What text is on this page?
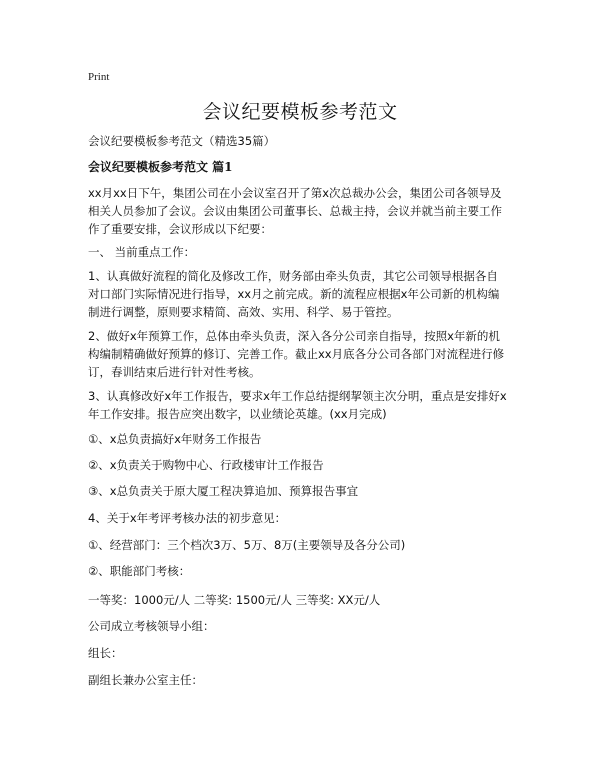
Print
会议纪要模板参考范文
会议纪要模板参考范文（精选35篇）
会议纪要模板参考范文 篇1
xx月xx日下午，集团公司在小会议室召开了第x次总裁办公会，集团公司各领导及
相关人员参加了会议。会议由集团公司董事长、总裁主持，会议并就当前主要工作
作了重要安排，会议形成以下纪要：
一、 当前重点工作：
1、认真做好流程的简化及修改工作，财务部由牵头负责，其它公司领导根据各自
对口部门实际情况进行指导，xx月之前完成。新的流程应根据x年公司新的机构编
制进行调整，原则要求精简、高效、实用、科学、易于管控。
2、做好x年预算工作，总体由牵头负责，深入各分公司亲自指导，按照x年新的机
构编制精确做好预算的修订、完善工作。截止xx月底各分公司各部门对流程进行修
订，春训结束后进行针对性考核。
3、认真修改好x年工作报告，要求x年工作总结提纲挈领主次分明，重点是安排好x
年工作安排。报告应突出数字，以业绩论英雄。(xx月完成)
①、x总负责搞好x年财务工作报告
②、x负责关于购物中心、行政楼审计工作报告
③、x总负责关于原大厦工程决算追加、预算报告事宜
4、关于x年考评考核办法的初步意见：
①、经营部门：三个档次3万、5万、8万(主要领导及各分公司)
②、职能部门考核：
一等奖：1000元/人 二等奖: 1500元/人 三等奖: XX元/人
公司成立考核领导小组：
组长：
副组长兼办公室主任：
